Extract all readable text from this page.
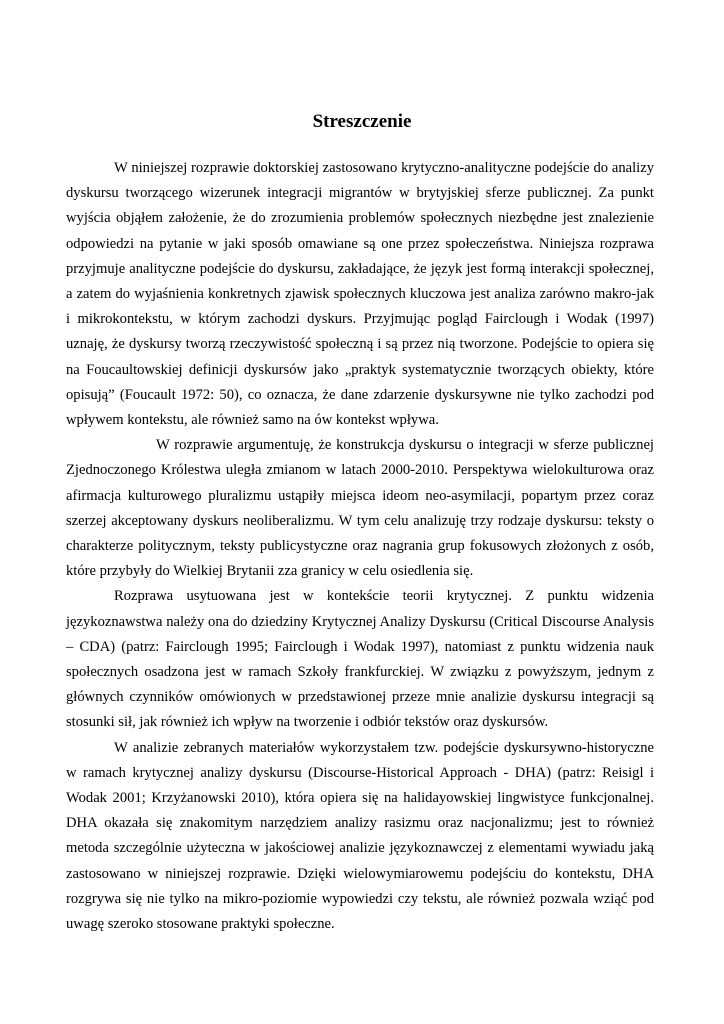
Streszczenie

W niniejszej rozprawie doktorskiej zastosowano krytyczno-analityczne podejście do analizy dyskursu tworzącego wizerunek integracji migrantów w brytyjskiej sferze publicznej. Za punkt wyjścia objąłem założenie, że do zrozumienia problemów społecznych niezbędne jest znalezienie odpowiedzi na pytanie w jaki sposób omawiane są one przez społeczeństwa. Niniejsza rozprawa przyjmuje analityczne podejście do dyskursu, zakładające, że język jest formą interakcji społecznej, a zatem do wyjaśnienia konkretnych zjawisk społecznych kluczowa jest analiza zarówno makro-jak i mikrokontekstu, w którym zachodzi dyskurs. Przyjmując pogląd Fairclough i Wodak (1997) uznaję, że dyskursy tworzą rzeczywistość społeczną i są przez nią tworzone. Podejście to opiera się na Foucaultowskiej definicji dyskursów jako „praktyk systematycznie tworzących obiekty, które opisują” (Foucault 1972: 50), co oznacza, że dane zdarzenie dyskursywne nie tylko zachodzi pod wpływem kontekstu, ale również samo na ów kontekst wpływa.

W rozprawie argumentuję, że konstrukcja dyskursu o integracji w sferze publicznej Zjednoczonego Królestwa uległa zmianom w latach 2000-2010. Perspektywa wielokulturowa oraz afirmacja kulturowego pluralizmu ustąpiły miejsca ideom neo-asymilacji, popartym przez coraz szerzej akceptowany dyskurs neoliberalizmu. W tym celu analizuję trzy rodzaje dyskursu: teksty o charakterze politycznym, teksty publicystyczne oraz nagrania grup fokusowych złożonych z osób, które przybyły do Wielkiej Brytanii zza granicy w celu osiedlenia się.

Rozprawa usytuowana jest w kontekście teorii krytycznej. Z punktu widzenia językoznawstwa należy ona do dziedziny Krytycznej Analizy Dyskursu (Critical Discourse Analysis – CDA) (patrz: Fairclough 1995; Fairclough i Wodak 1997), natomiast z punktu widzenia nauk społecznych osadzona jest w ramach Szkoły frankfurckiej. W związku z powyższym, jednym z głównych czynników omówionych w przedstawionej przeze mnie analizie dyskursu integracji są stosunki sił, jak również ich wpływ na tworzenie i odbiór tekstów oraz dyskursów.

W analizie zebranych materiałów wykorzystałem tzw. podejście dyskursywno-historyczne w ramach krytycznej analizy dyskursu (Discourse-Historical Approach - DHA) (patrz: Reisigl i Wodak 2001; Krzyżanowski 2010), która opiera się na halidayowskiej lingwistyce funkcjonalnej. DHA okazała się znakomitym narzędziem analizy rasizmu oraz nacjonalizmu; jest to również metoda szczególnie użyteczna w jakościowej analizie językoznawczej z elementami wywiadu jaką zastosowano w niniejszej rozprawie. Dzięki wielowymiarowemu podejściu do kontekstu, DHA rozgrywa się nie tylko na mikro-poziomie wypowiedzi czy tekstu, ale również pozwala wziąć pod uwagę szeroko stosowane praktyki społeczne.
